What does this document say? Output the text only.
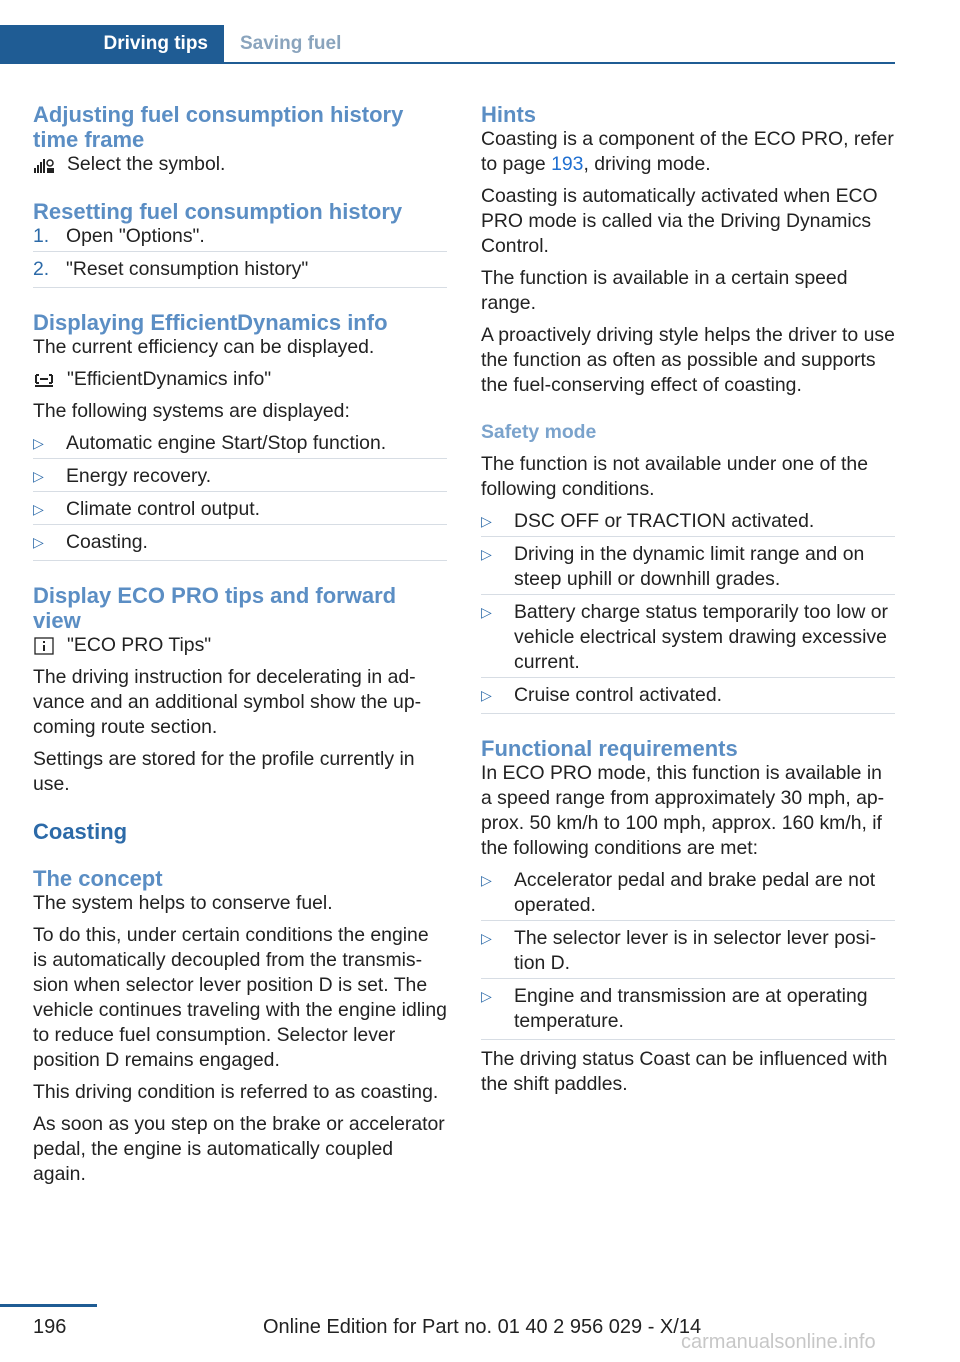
Driving tips Saving fuel
Adjusting fuel consumption history time frame
Select the symbol.
Resetting fuel consumption history
1. Open "Options".
2. "Reset consumption history"
Displaying EfficientDynamics info

The current efficiency can be displayed.

"EfficientDynamics info"

The following systems are displayed:

▷	Automatic engine Start/Stop function.
▷	Energy recovery.
▷	Climate control output.
▷	Coasting.
Display ECO PRO tips and forward view
"ECO PRO Tips"

The driving instruction for decelerating in advance and an additional symbol show the upcoming route section.

Settings are stored for the profile currently in use.

Coasting
The concept

The system helps to conserve fuel.

To do this, under certain conditions the engine is automatically decoupled from the transmission when selector lever position D is set. The vehicle continues traveling with the engine idling to reduce fuel consumption. Selector lever position D remains engaged.

This driving condition is referred to as coasting.

As soon as you step on the brake or accelerator pedal, the engine is automatically coupled again.

Hints

Coasting is a component of the ECO PRO, refer to page 193, driving mode.

Coasting is automatically activated when ECO PRO mode is called via the Driving Dynamics Control.

The function is available in a certain speed range.

A proactively driving style helps the driver to use the function as often as possible and supports the fuel-conserving effect of coasting.

Safety mode

The function is not available under one of the following conditions.

▷	DSC OFF or TRACTION activated.
▷	Driving in the dynamic limit range and on steep uphill or downhill grades.
▷	Battery charge status temporarily too low or vehicle electrical system drawing excessive current.
▷	Cruise control activated.
Functional requirements

In ECO PRO mode, this function is available in a speed range from approximately 30 mph, approx. 50 km/h to 100 mph, approx. 160 km/h, if the following conditions are met:

▷	Accelerator pedal and brake pedal are not operated.
▷	The selector lever is in selector lever position D.
▷	Engine and transmission are at operating temperature.

The driving status Coast can be influenced with the shift paddles.

196	Online Edition for Part no. 01 40 2 956 029 - X/14
carmanualsonline.info
